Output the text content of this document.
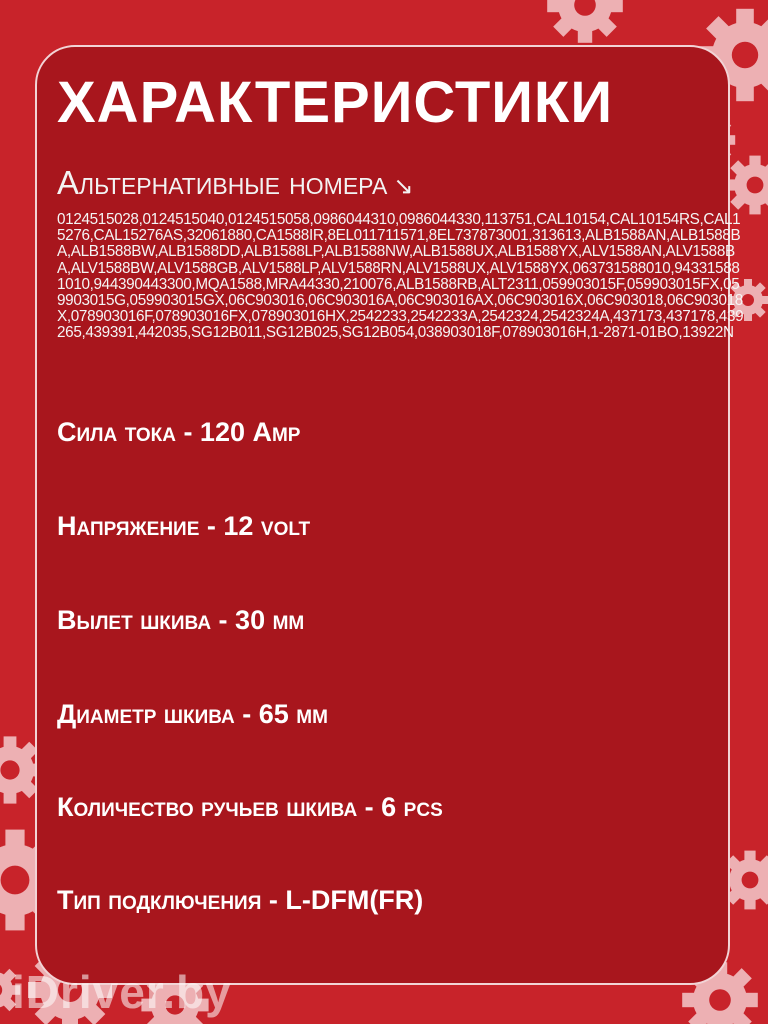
ХАРАКТЕРИСТИКИ

Альтернативные номера ↘

0124515028,0124515040,0124515058,0986044310,0986044330,113751,CAL10154,CAL10154RS,CAL15276,CAL15276AS,32061880,CA1588IR,8EL011711571,8EL737873001,313613,ALB1588AN,ALB1588BA,ALB1588BW,ALB1588DD,ALB1588LP,ALB1588NW,ALB1588UX,ALB1588YX,ALV1588AN,ALV1588BA,ALV1588BW,ALV1588GB,ALV1588LP,ALV1588RN,ALV1588UX,ALV1588YX,063731588010,943315881010,944390443300,MQA1588,MRA44330,210076,ALB1588RB,ALT2311,059903015F,059903015FX,059903015G,059903015GX,06C903016,06C903016A,06C903016AX,06C903016X,06C903018,06C903018X,078903016F,078903016FX,078903016HX,2542233,2542233A,2542324,2542324A,437173,437178,439265,439391,442035,SG12B011,SG12B025,SG12B054,038903018F,078903016H,1-2871-01BO,13922N

Сила тока - 120 Amp

Напряжение - 12 volt

Вылет шкива - 30 мм

Диаметр шкива - 65 мм

Количество ручьев шкива - 6 pcs

Тип подключения - L-DFM(FR)

iDriver.by
